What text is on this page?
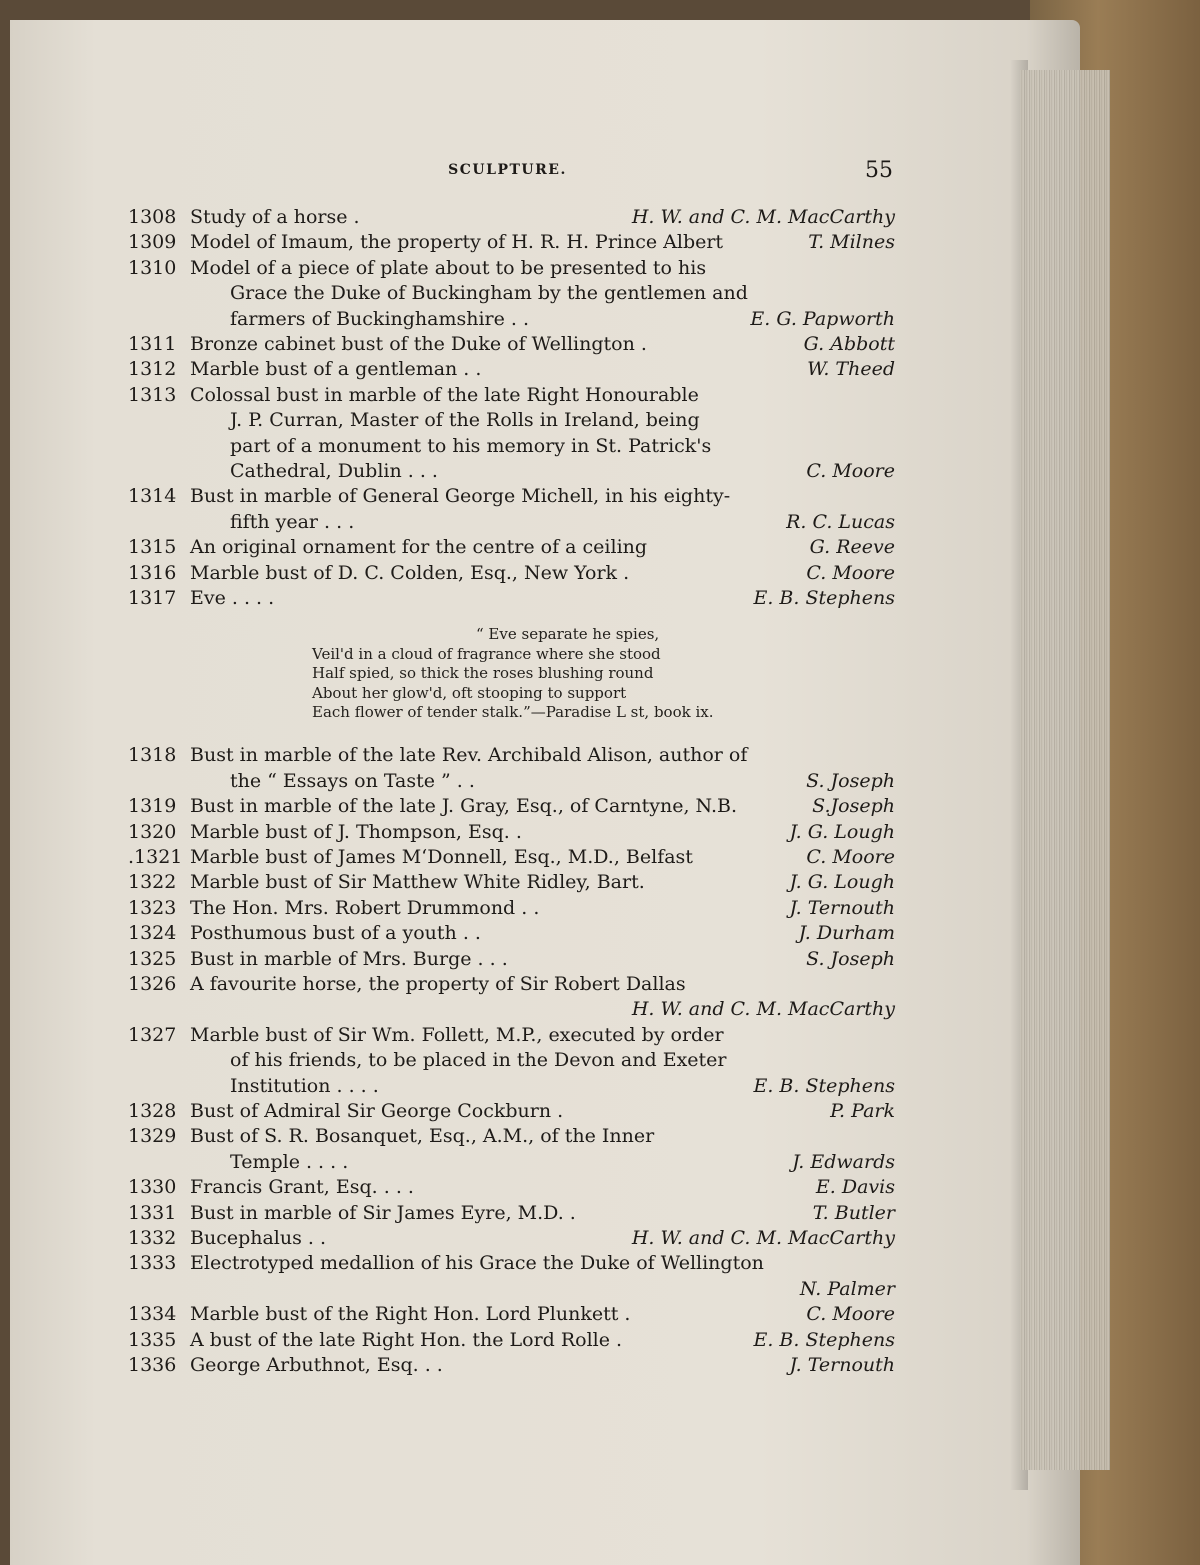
SCULPTURE.	55
1308 Study of a horse .	H. W. and C. M. MacCarthy
1309 Model of Imaum, the property of H. R. H. Prince Albert	T. Milnes
1310 Model of a piece of plate about to be presented to his
Grace the Duke of Buckingham by the gentlemen and
farmers of Buckinghamshire . .	E. G. Papworth
1311 Bronze cabinet bust of the Duke of Wellington .	G. Abbott
1312 Marble bust of a gentleman . .	W. Theed
1313 Colossal bust in marble of the late Right Honourable
J. P. Curran, Master of the Rolls in Ireland, being
part of a monument to his memory in St. Patrick's
Cathedral, Dublin . . .	C. Moore
1314 Bust in marble of General George Michell, in his eighty-
fifth year . . .	R. C. Lucas
1315 An original ornament for the centre of a ceiling	G. Reeve
1316 Marble bust of D. C. Colden, Esq., New York .	C. Moore
1317 Eve . . . .	E. B. Stephens
1318 Bust in marble of the late Rev. Archibald Alison, author of
the “ Essays on Taste ” . .	S. Joseph
1319 Bust in marble of the late J. Gray, Esq., of Carntyne, N.B.	S.Joseph
1320 Marble bust of J. Thompson, Esq. .	J. G. Lough
.1321 Marble bust of James M‘Donnell, Esq., M.D., Belfast	C. Moore
1322 Marble bust of Sir Matthew White Ridley, Bart.	J. G. Lough
1323 The Hon. Mrs. Robert Drummond . .	J. Ternouth
1324 Posthumous bust of a youth . .	J. Durham
1325 Bust in marble of Mrs. Burge . . .	S. Joseph
1326 A favourite horse, the property of Sir Robert Dallas
H. W. and C. M. MacCarthy
1327 Marble bust of Sir Wm. Follett, M.P., executed by order
of his friends, to be placed in the Devon and Exeter
Institution . . . .	E. B. Stephens
1328 Bust of Admiral Sir George Cockburn .	P. Park
1329 Bust of S. R. Bosanquet, Esq., A.M., of the Inner
Temple . . . .	J. Edwards
1330 Francis Grant, Esq. . . .	E. Davis
1331 Bust in marble of Sir James Eyre, M.D. .	T. Butler
1332 Bucephalus . .	H. W. and C. M. MacCarthy
1333 Electrotyped medallion of his Grace the Duke of Wellington
N. Palmer
1334 Marble bust of the Right Hon. Lord Plunkett .	C. Moore
1335 A bust of the late Right Hon. the Lord Rolle .	E. B. Stephens
1336 George Arbuthnot, Esq. . .	J. Ternouth
“ Eve separate he spies,
Veil'd in a cloud of fragrance where she stood
Half spied, so thick the roses blushing round
About her glow'd, oft stooping to support
Each flower of tender stalk.”—Paradise L st, book ix.
